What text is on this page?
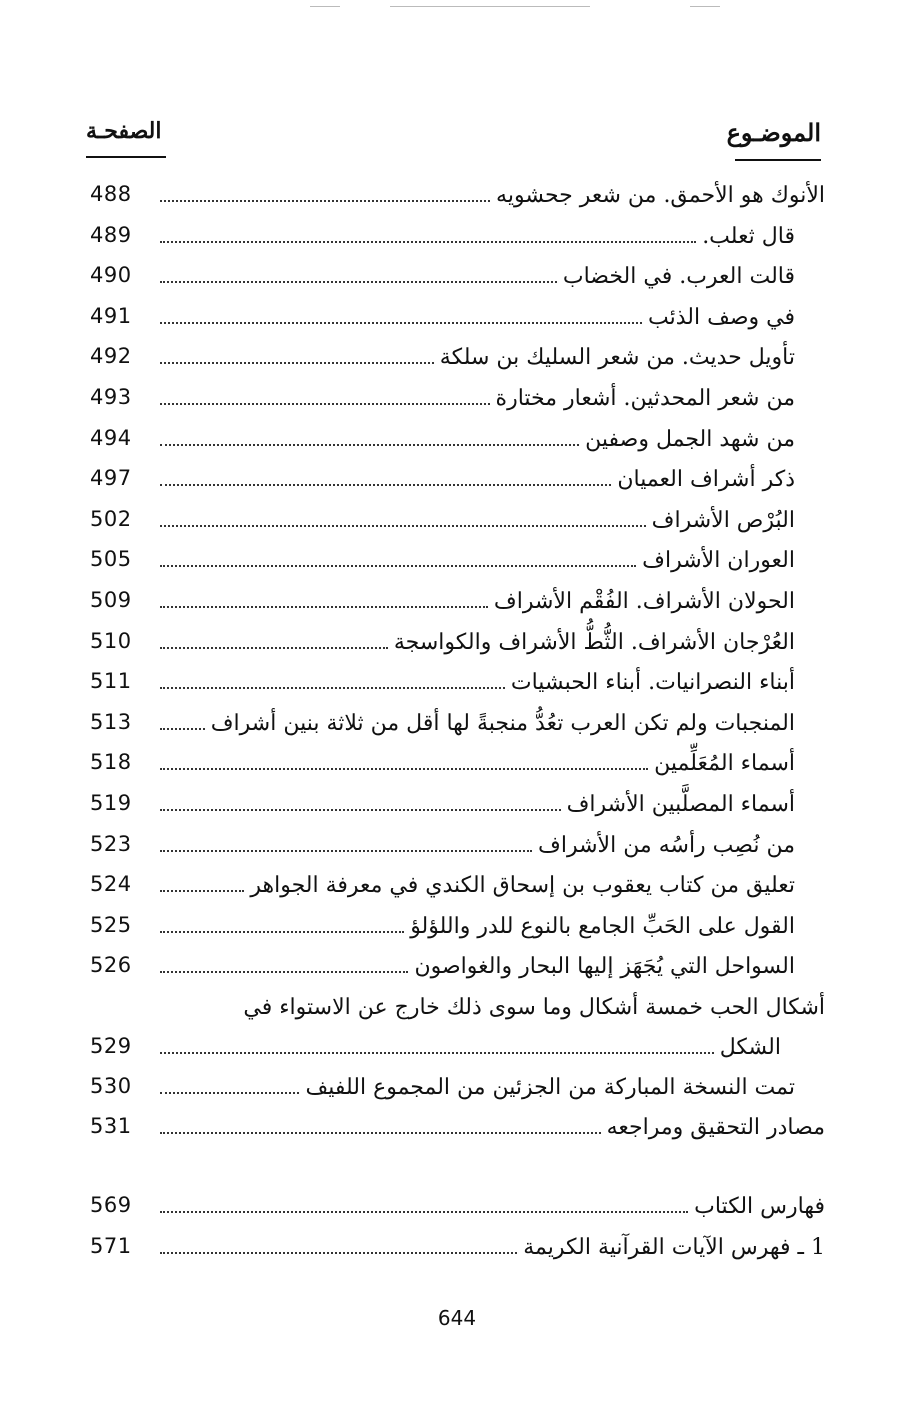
الموضـوع
الصفحـة
488	الأنوك هو الأحمق. من شعر جحشويه
489	قال ثعلب.
490	قالت العرب. في الخضاب
491	في وصف الذئب
492	تأويل حديث. من شعر السليك بن سلكة
493	من شعر المحدثين. أشعار مختارة
494	من شهد الجمل وصفين
497	ذكر أشراف العميان
502	البُرْص الأشراف
505	العوران الأشراف
509	الحولان الأشراف. الفُقْم الأشراف
510	العُرْجان الأشراف. الثُّطُّ الأشراف والكواسجة
511	أبناء النصرانيات. أبناء الحبشيات
513	المنجبات ولم تكن العرب تعُدُّ منجبةً لها أقل من ثلاثة بنين أشراف
518	أسماء المُعَلِّمين
519	أسماء المصلَّبين الأشراف
523	من نُصِب رأسُه من الأشراف
524	تعليق من كتاب يعقوب بن إسحاق الكندي في معرفة الجواهر
525	القول على الحَبِّ الجامع بالنوع للدر واللؤلؤ
526	السواحل التي يُجَهَز إليها البحار والغواصون
أشكال الحب خمسة أشكال وما سوى ذلك خارج عن الاستواء في
529	الشكل
530	تمت النسخة المباركة من الجزئين من المجموع اللفيف
531	مصادر التحقيق ومراجعه
569	فهارس الكتاب
571	1 ـ فهرس الآيات القرآنية الكريمة
644
